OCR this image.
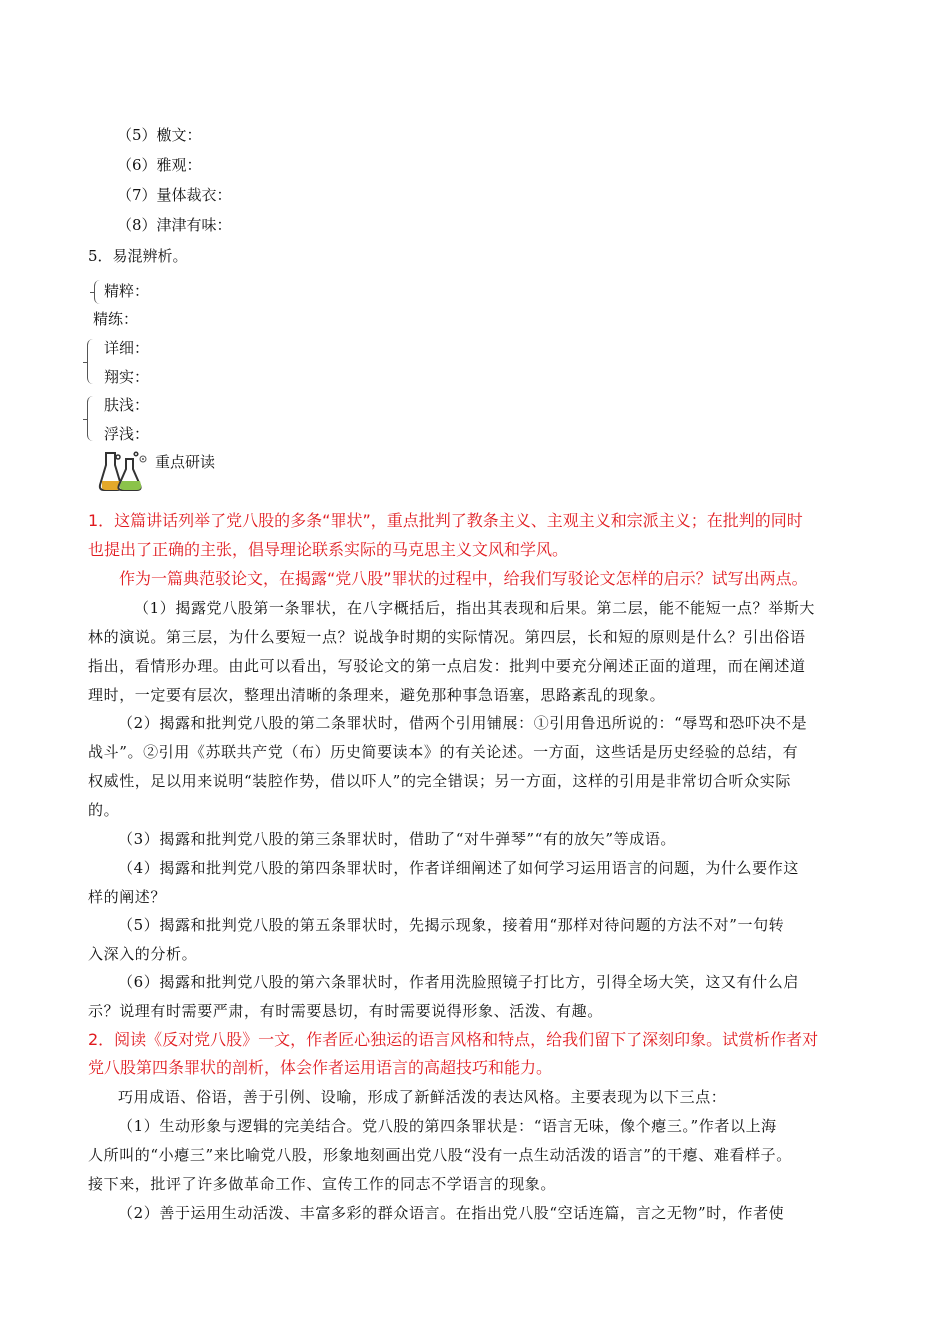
（5）檄文：
（6）雅观：
（7）量体裁衣：
（8）津津有味：
5．易混辨析。
精粹：
精练：
详细：
翔实：
肤浅：
浮浅：
重点研读
1．这篇讲话列举了党八股的多条“罪状”，重点批判了教条主义、主观主义和宗派主义；在批判的同时
也提出了正确的主张，倡导理论联系实际的马克思主义文风和学风。
作为一篇典范驳论文，在揭露“党八股”罪状的过程中，给我们写驳论文怎样的启示？试写出两点。
（1）揭露党八股第一条罪状，在八字概括后，指出其表现和后果。第二层，能不能短一点？举斯大
林的演说。第三层，为什么要短一点？说战争时期的实际情况。第四层，长和短的原则是什么？引出俗语
指出，看情形办理。由此可以看出，写驳论文的第一点启发：批判中要充分阐述正面的道理，而在阐述道
理时，一定要有层次，整理出清晰的条理来，避免那种事急语塞，思路紊乱的现象。
（2）揭露和批判党八股的第二条罪状时，借两个引用铺展：①引用鲁迅所说的：“辱骂和恐吓决不是
战斗”。②引用《苏联共产党（布）历史简要读本》的有关论述。一方面，这些话是历史经验的总结，有
权威性，足以用来说明“装腔作势，借以吓人”的完全错误；另一方面，这样的引用是非常切合听众实际
的。
（3）揭露和批判党八股的第三条罪状时，借助了“对牛弹琴”“有的放矢”等成语。
（4）揭露和批判党八股的第四条罪状时，作者详细阐述了如何学习运用语言的问题，为什么要作这
样的阐述？
（5）揭露和批判党八股的第五条罪状时，先揭示现象，接着用“那样对待问题的方法不对”一句转
入深入的分析。
（6）揭露和批判党八股的第六条罪状时，作者用洗脸照镜子打比方，引得全场大笑，这又有什么启
示？说理有时需要严肃，有时需要恳切，有时需要说得形象、活泼、有趣。
2．阅读《反对党八股》一文，作者匠心独运的语言风格和特点，给我们留下了深刻印象。试赏析作者对
党八股第四条罪状的剖析，体会作者运用语言的高超技巧和能力。
巧用成语、俗语，善于引例、设喻，形成了新鲜活泼的表达风格。主要表现为以下三点：
（1）生动形象与逻辑的完美结合。党八股的第四条罪状是：“语言无味，像个瘪三。”作者以上海
人所叫的“小瘪三”来比喻党八股，形象地刻画出党八股“没有一点生动活泼的语言”的干瘪、难看样子。
接下来，批评了许多做革命工作、宣传工作的同志不学语言的现象。
（2）善于运用生动活泼、丰富多彩的群众语言。在指出党八股“空话连篇，言之无物”时，作者使
